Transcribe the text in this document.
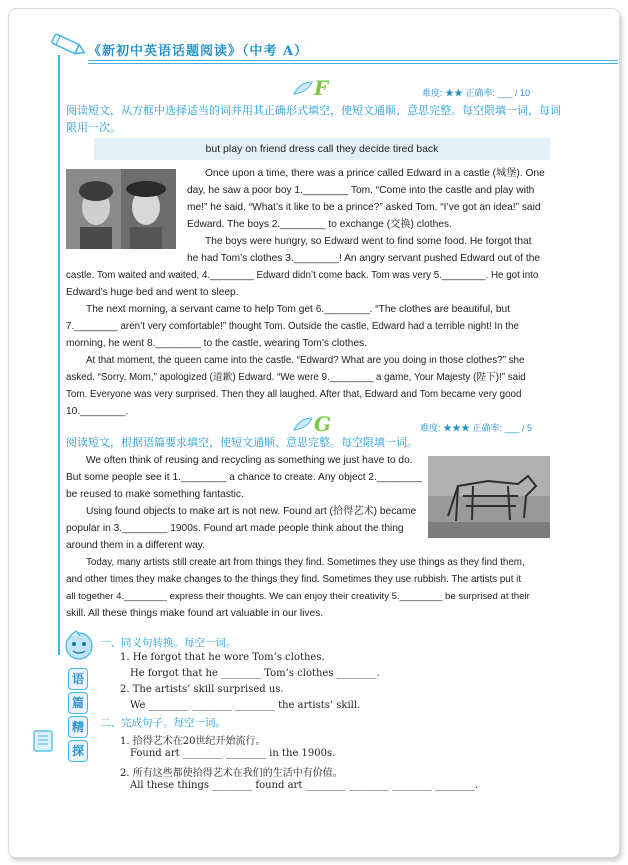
《新初中英语话题阅读》（中考 A）
F	难度: ★★ 正确率: ___ / 10
阅读短文，从方框中选择适当的词并用其正确形式填空，使短文通顺、意思完整。每空限填一词，每词
限用一次。
but play on friend dress call they decide tired back
Once upon a time, there was a prince called Edward in a castle (城堡). One
day, he saw a poor boy 1.________ Tom. “Come into the castle and play with
me!” he said. “What’s it like to be a prince?” asked Tom. “I’ve got an idea!” said
Edward. The boys 2.________ to exchange (交换) clothes.
The boys were hungry, so Edward went to find some food. He forgot that
he had Tom’s clothes 3.________! An angry servant pushed Edward out of the
castle. Tom waited and waited, 4.________ Edward didn’t come back. Tom was very 5.________. He got into
Edward’s huge bed and went to sleep.
The next morning, a servant came to help Tom get 6.________. “The clothes are beautiful, but
7.________ aren’t very comfortable!” thought Tom. Outside the castle, Edward had a terrible night! In the
morning, he went 8.________ to the castle, wearing Tom’s clothes.
At that moment, the queen came into the castle. “Edward? What are you doing in those clothes?” she
asked. “Sorry, Mom,” apologized (道歉) Edward. “We were 9.________ a game, Your Majesty (陛下)!” said
Tom. Everyone was very surprised. Then they all laughed. After that, Edward and Tom became very good
10.________.
G	难度: ★★★ 正确率: ___ / 5
阅读短文，根据语篇要求填空，使短文通顺、意思完整。每空限填一词。
We often think of reusing and recycling as something we just have to do.
But some people see it 1.________ a chance to create. Any object 2.________
be reused to make something fantastic.
Using found objects to make art is not new. Found art (拾得艺术) became
popular in 3.________ 1900s. Found art made people think about the thing
around them in a different way.
Today, many artists still create art from things they find. Sometimes they use things as they find them,
and other times they make changes to the things they find. Sometimes they use rubbish. The artists put it
all together 4.________ express their thoughts. We can enjoy their creativity 5.________ be surprised at their
skill. All these things make found art valuable in our lives.
语
篇
精
探
一、同义句转换。每空一词。
1. He forgot that he wore Tom’s clothes.
He forgot that he ________ Tom’s clothes ________.
2. The artists’ skill surprised us.
We ________ ________ ________ the artists’ skill.
二、完成句子。每空一词。
1. 拾得艺术在20世纪开始流行。
Found art ________ ________ in the 1900s.
2. 所有这些都使拾得艺术在我们的生活中有价值。
All these things ________ found art ________ ________ ________ ________.
